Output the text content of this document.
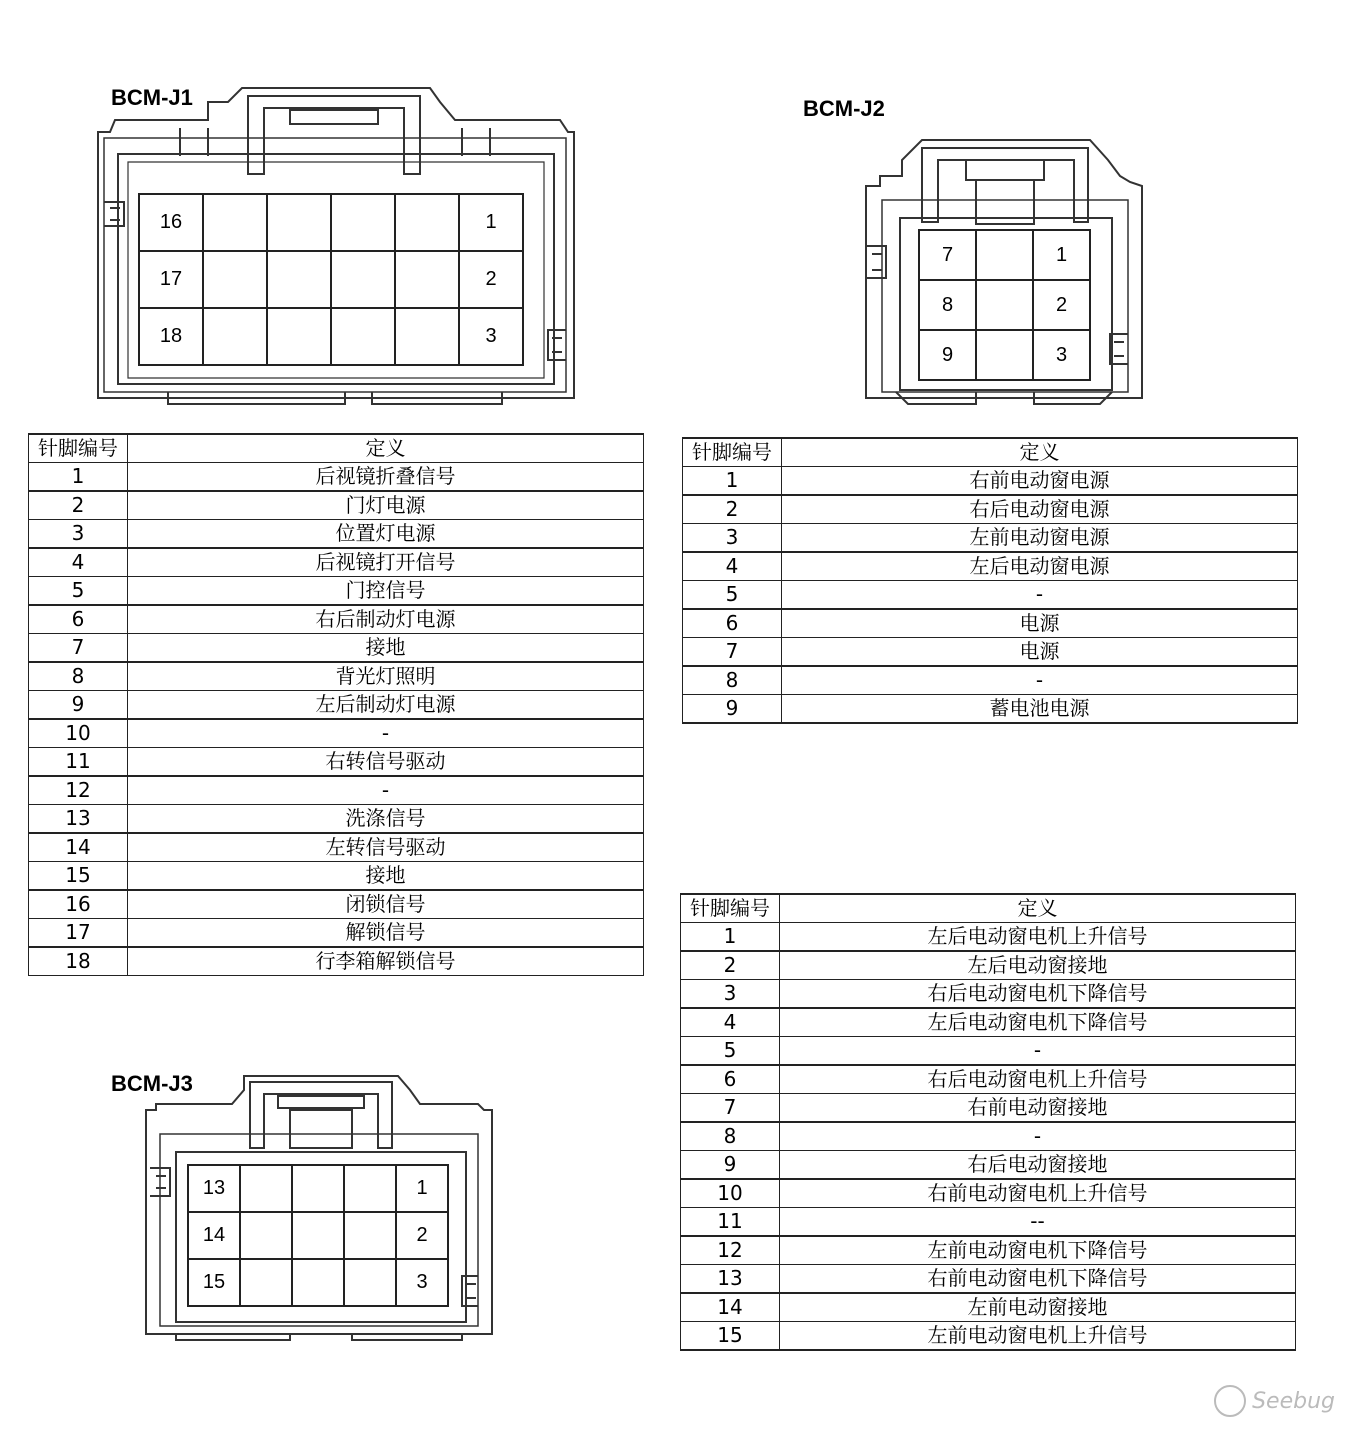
BCM-J1	BCM-J2
BCM-J3
16					1
17					2
18					3
7		1
8		2
9		3
13				1
14				2
15				3
针脚编号	定义
1	后视镜折叠信号
2	门灯电源
3	位置灯电源
4	后视镜打开信号
5	门控信号
6	右后制动灯电源
7	接地
8	背光灯照明
9	左后制动灯电源
10	-
11	右转信号驱动
12	-
13	洗涤信号
14	左转信号驱动
15	接地
16	闭锁信号
17	解锁信号
18	行李箱解锁信号
针脚编号	定义
1	右前电动窗电源
2	右后电动窗电源
3	左前电动窗电源
4	左后电动窗电源
5	-
6	电源
7	电源
8	-
9	蓄电池电源
针脚编号	定义
1	左后电动窗电机上升信号
2	左后电动窗接地
3	右后电动窗电机下降信号
4	左后电动窗电机下降信号
5	-
6	右后电动窗电机上升信号
7	右前电动窗接地
8	-
9	右后电动窗接地
10	右前电动窗电机上升信号
11	--
12	左前电动窗电机下降信号
13	右前电动窗电机下降信号
14	左前电动窗接地
15	左前电动窗电机上升信号
Seebug
